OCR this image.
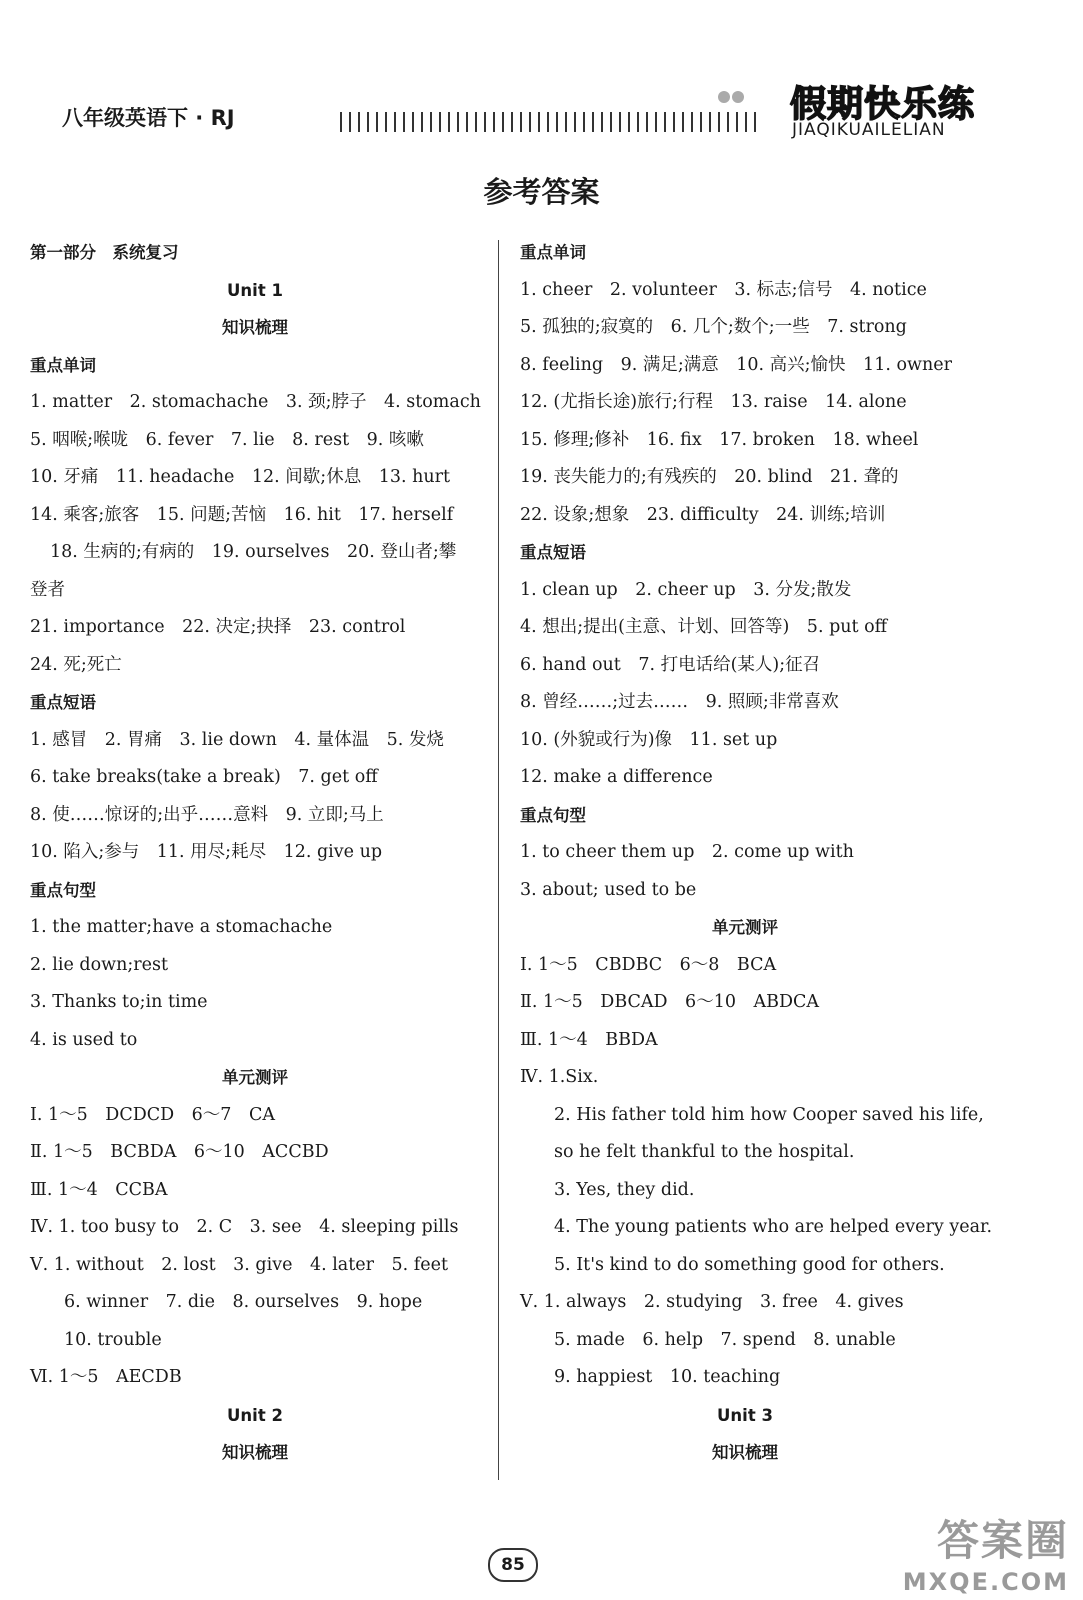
八年级英语下 · RJ	假期快乐练
JIAQIKUAILELIAN
参考答案
第一部分　系统复习
Unit 1
知识梳理
重点单词
1. matter　2. stomachache　3. 颈;脖子　4. stomach
5. 咽喉;喉咙　6. fever　7. lie　8. rest　9. 咳嗽
10. 牙痛　11. headache　12. 间歇;休息　13. hurt
14. 乘客;旅客　15. 问题;苦恼　16. hit　17. herself
18. 生病的;有病的　19. ourselves　20. 登山者;攀
登者
21. importance　22. 决定;抉择　23. control
24. 死;死亡
重点短语
1. 感冒　2. 胃痛　3. lie down　4. 量体温　5. 发烧
6. take breaks(take a break)　7. get off
8. 使……惊讶的;出乎……意料　9. 立即;马上
10. 陷入;参与　11. 用尽;耗尽　12. give up
重点句型
1. the matter;have a stomachache
2. lie down;rest
3. Thanks to;in time
4. is used to
单元测评
Ⅰ. 1～5　DCDCD　6～7　CA
Ⅱ. 1～5　BCBDA　6～10　ACCBD
Ⅲ. 1～4　CCBA
Ⅳ. 1. too busy to　2. C　3. see　4. sleeping pills
Ⅴ. 1. without　2. lost　3. give　4. later　5. feet
6. winner　7. die　8. ourselves　9. hope
10. trouble
Ⅵ. 1～5　AECDB
Unit 2
知识梳理
重点单词
1. cheer　2. volunteer　3. 标志;信号　4. notice
5. 孤独的;寂寞的　6. 几个;数个;一些　7. strong
8. feeling　9. 满足;满意　10. 高兴;愉快　11. owner
12. (尤指长途)旅行;行程　13. raise　14. alone
15. 修理;修补　16. fix　17. broken　18. wheel
19. 丧失能力的;有残疾的　20. blind　21. 聋的
22. 设象;想象　23. difficulty　24. 训练;培训
重点短语
1. clean up　2. cheer up　3. 分发;散发
4. 想出;提出(主意、计划、回答等)　5. put off
6. hand out　7. 打电话给(某人);征召
8. 曾经……;过去……　9. 照顾;非常喜欢
10. (外貌或行为)像　11. set up
12. make a difference
重点句型
1. to cheer them up　2. come up with
3. about; used to be
单元测评
Ⅰ. 1～5　CBDBC　6～8　BCA
Ⅱ. 1～5　DBCAD　6～10　ABDCA
Ⅲ. 1～4　BBDA
Ⅳ. 1.Six.
2. His father told him how Cooper saved his life,
so he felt thankful to the hospital.
3. Yes, they did.
4. The young patients who are helped every year.
5. It's kind to do something good for others.
Ⅴ. 1. always　2. studying　3. free　4. gives
5. made　6. help　7. spend　8. unable
9. happiest　10. teaching
Unit 3
知识梳理
85	答案圈
MXQE.COM
